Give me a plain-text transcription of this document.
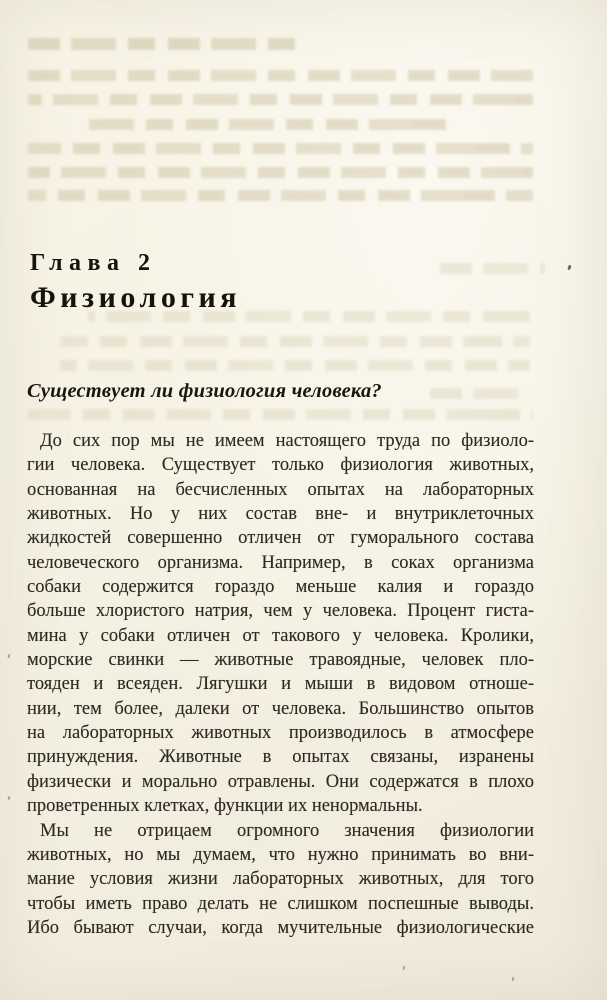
Глава 2
Физиология
Существует ли физиология человека?
До сих пор мы не имеем настоящего труда по физиоло-
гии человека. Существует только физиология животных,
основанная на бесчисленных опытах на лабораторных
животных. Но у них состав вне- и внутриклеточных
жидкостей совершенно отличен от гуморального состава
человеческого организма. Например, в соках организма
собаки содержится гораздо меньше калия и гораздо
больше хлористого натрия, чем у человека. Процент гиста-
мина у собаки отличен от такового у человека. Кролики,
морские свинки — животные травоядные, человек пло-
тояден и всеяден. Лягушки и мыши в видовом отноше-
нии, тем более, далеки от человека. Большинство опытов
на лабораторных животных производилось в атмосфере
принуждения. Животные в опытах связаны, изранены
физически и морально отравлены. Они содержатся в плохо
проветренных клетках, функции их ненормальны.
Мы не отрицаем огромного значения физиологии
животных, но мы думаем, что нужно принимать во вни-
мание условия жизни лабораторных животных, для того
чтобы иметь право делать не слишком поспешные выводы.
Ибо бывают случаи, когда мучительные физиологические
